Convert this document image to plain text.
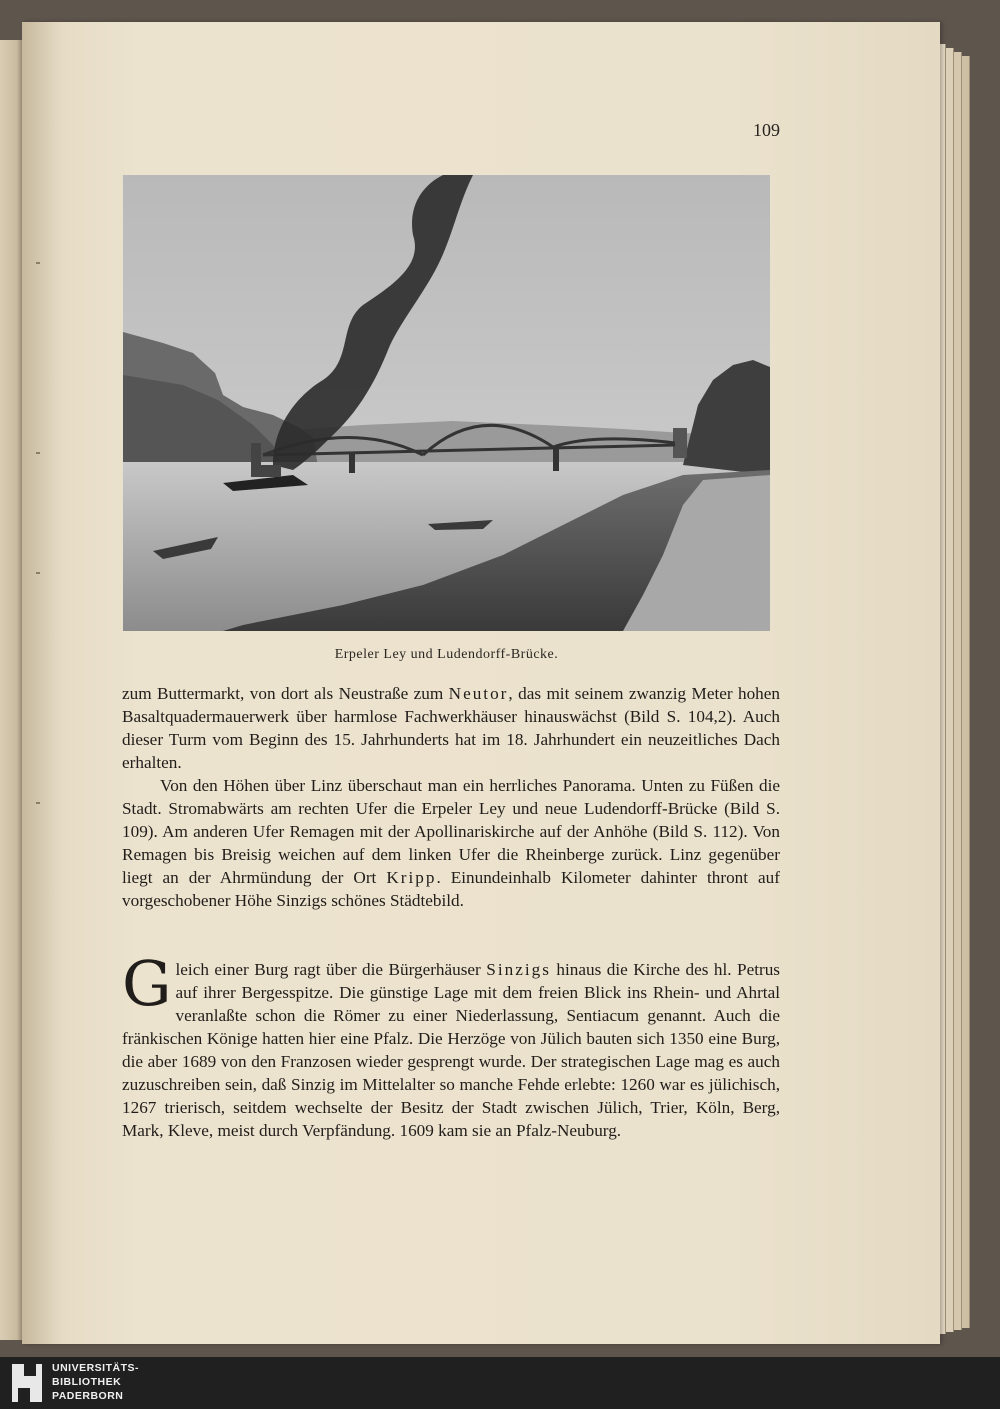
109
Erpeler Ley und Ludendorff-Brücke.

zum Buttermarkt, von dort als Neustraße zum Neutor, das mit seinem zwanzig Meter hohen Basaltquadermauerwerk über harmlose Fachwerkhäuser hinauswächst (Bild S. 104,2). Auch dieser Turm vom Beginn des 15. Jahrhunderts hat im 18. Jahrhundert ein neuzeitliches Dach erhalten.

Von den Höhen über Linz überschaut man ein herrliches Panorama. Unten zu Füßen die Stadt. Stromabwärts am rechten Ufer die Erpeler Ley und neue Ludendorff-Brücke (Bild S. 109). Am anderen Ufer Remagen mit der Apollinariskirche auf der Anhöhe (Bild S. 112). Von Remagen bis Breisig weichen auf dem linken Ufer die Rheinberge zurück. Linz gegenüber liegt an der Ahrmündung der Ort Kripp. Einundeinhalb Kilometer dahinter thront auf vorgeschobener Höhe Sinzigs schönes Städtebild.

Gleich einer Burg ragt über die Bürgerhäuser Sinzigs hinaus die Kirche des hl. Petrus auf ihrer Bergesspitze. Die günstige Lage mit dem freien Blick ins Rhein- und Ahrtal veranlaßte schon die Römer zu einer Niederlassung, Sentiacum genannt. Auch die fränkischen Könige hatten hier eine Pfalz. Die Herzöge von Jülich bauten sich 1350 eine Burg, die aber 1689 von den Franzosen wieder gesprengt wurde. Der strategischen Lage mag es auch zuzuschreiben sein, daß Sinzig im Mittelalter so manche Fehde erlebte: 1260 war es jülichisch, 1267 trierisch, seitdem wechselte der Besitz der Stadt zwischen Jülich, Trier, Köln, Berg, Mark, Kleve, meist durch Verpfändung. 1609 kam sie an Pfalz-Neuburg.

UNIVERSITÄTS-
BIBLIOTHEK
PADERBORN
